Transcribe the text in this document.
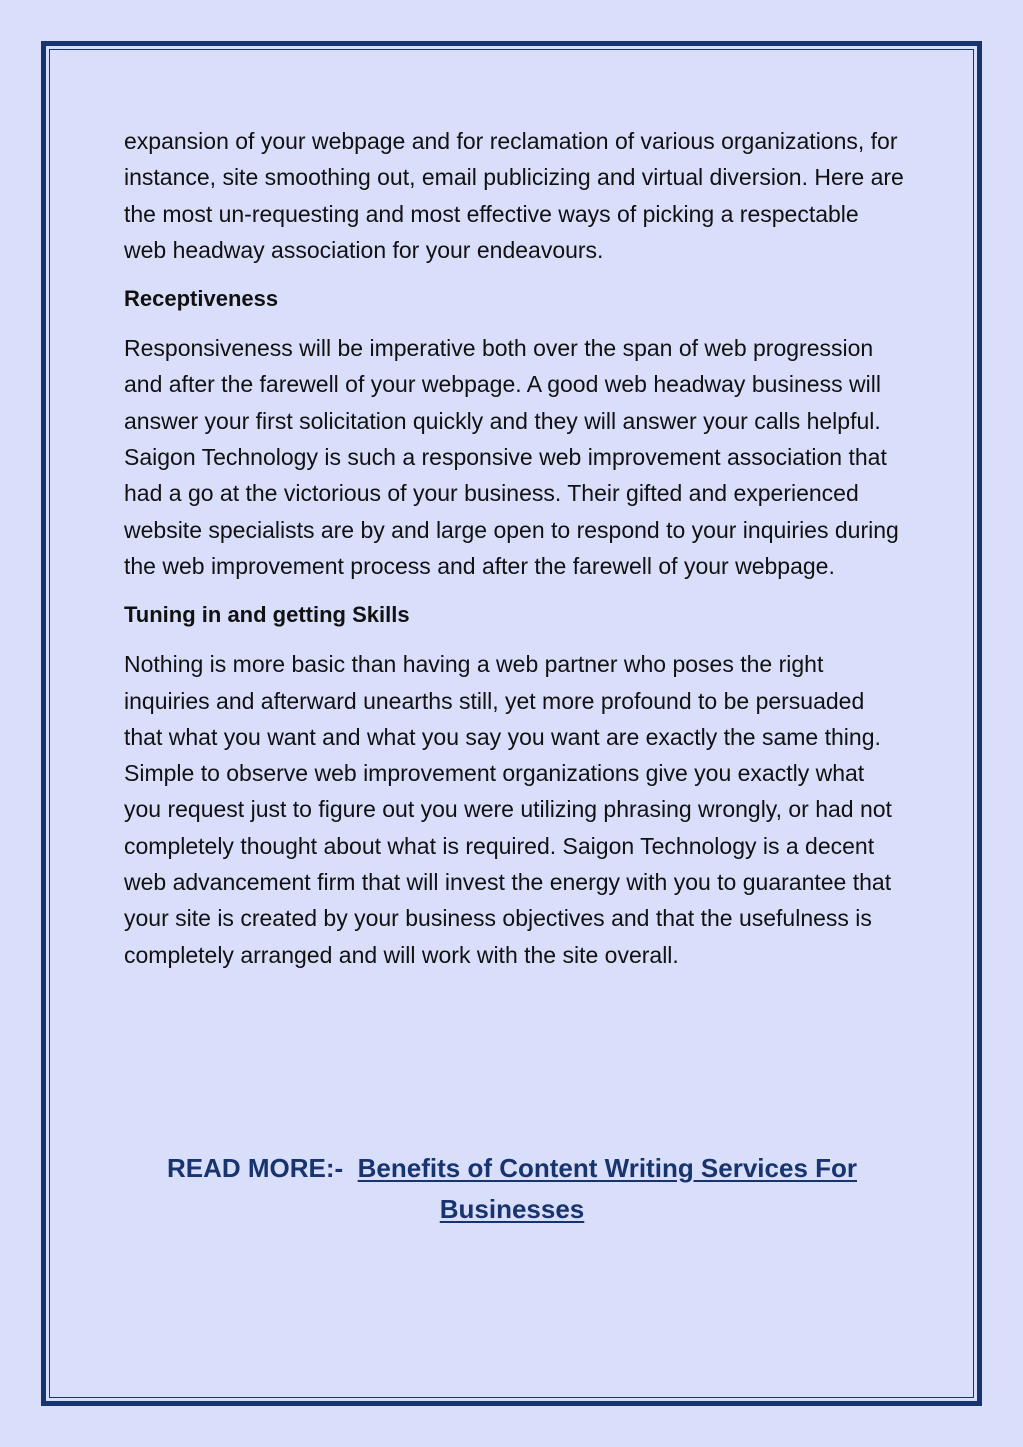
expansion of your webpage and for reclamation of various organizations, for instance, site smoothing out, email publicizing and virtual diversion. Here are the most un-requesting and most effective ways of picking a respectable web headway association for your endeavours.

Receptiveness

Responsiveness will be imperative both over the span of web progression and after the farewell of your webpage. A good web headway business will answer your first solicitation quickly and they will answer your calls helpful. Saigon Technology is such a responsive web improvement association that had a go at the victorious of your business. Their gifted and experienced website specialists are by and large open to respond to your inquiries during the web improvement process and after the farewell of your webpage.

Tuning in and getting Skills

Nothing is more basic than having a web partner who poses the right inquiries and afterward unearths still, yet more profound to be persuaded that what you want and what you say you want are exactly the same thing. Simple to observe web improvement organizations give you exactly what you request just to figure out you were utilizing phrasing wrongly, or had not completely thought about what is required. Saigon Technology is a decent web advancement firm that will invest the energy with you to guarantee that your site is created by your business objectives and that the usefulness is completely arranged and will work with the site overall.

READ MORE:- Benefits of Content Writing Services For Businesses
